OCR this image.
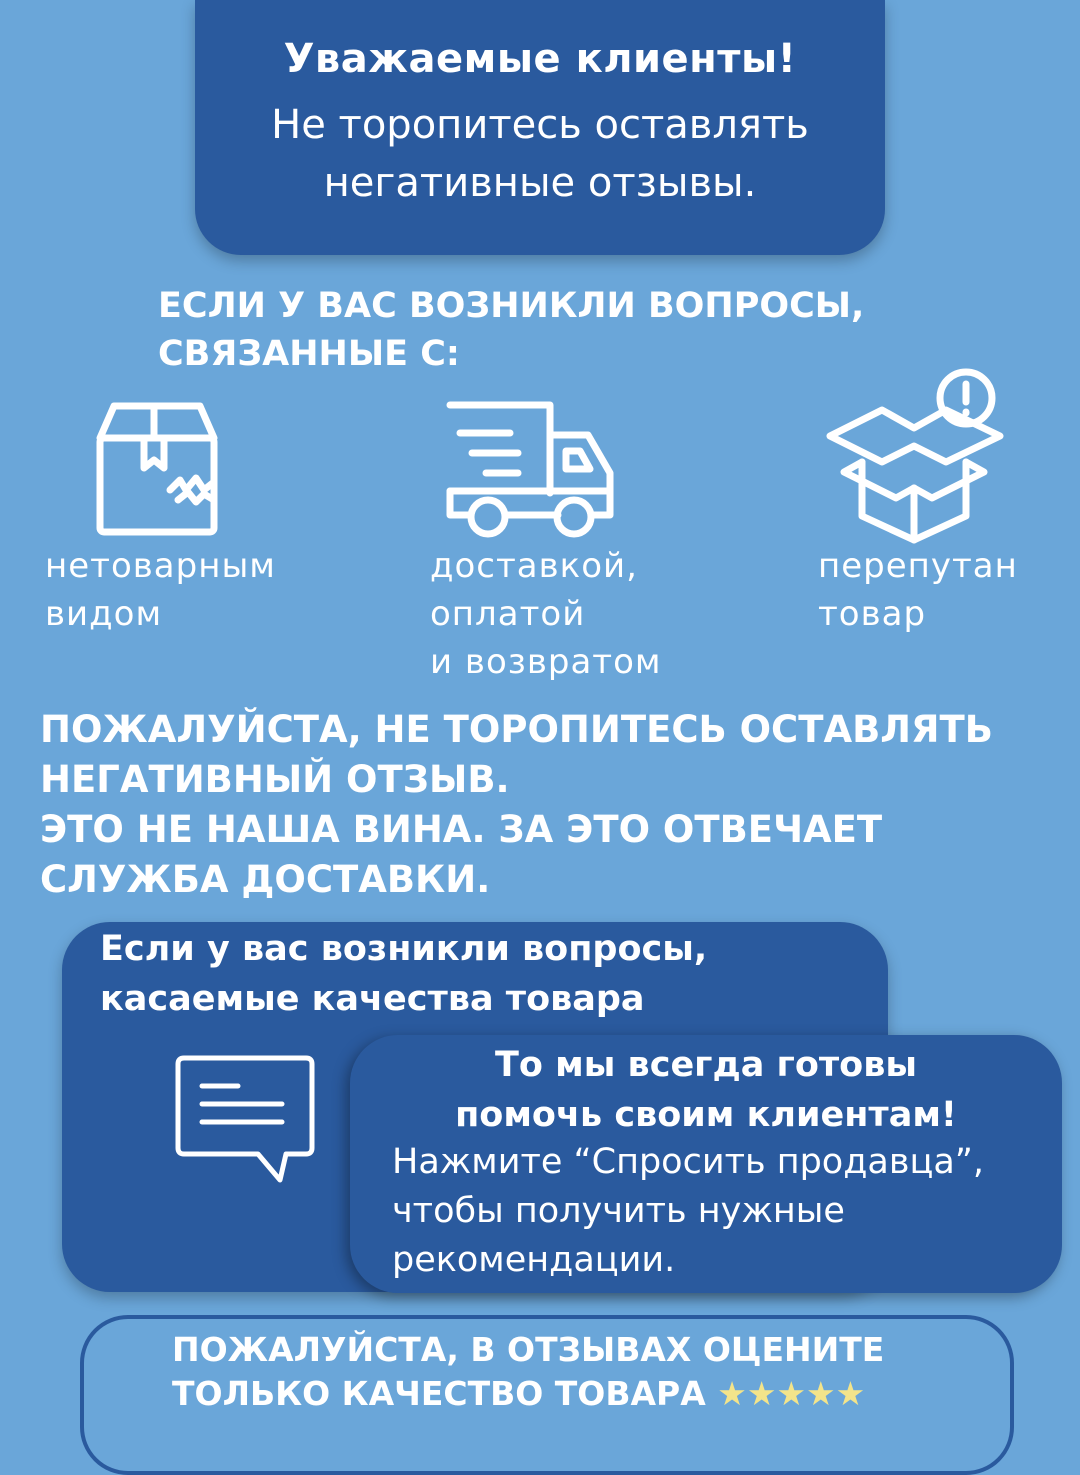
Уважаемые клиенты!
Не торопитесь оставлять
негативные отзывы.
ЕСЛИ У ВАС ВОЗНИКЛИ ВОПРОСЫ,
СВЯЗАННЫЕ С:
нетоварным
видом
доставкой,
оплатой
и возвратом
перепутан
товар
ПОЖАЛУЙСТА, НЕ ТОРОПИТЕСЬ ОСТАВЛЯТЬ
НЕГАТИВНЫЙ ОТЗЫВ.
ЭТО НЕ НАША ВИНА. ЗА ЭТО ОТВЕЧАЕТ
СЛУЖБА ДОСТАВКИ.
Если у вас возникли вопросы,
касаемые качества товара
То мы всегда готовы
помочь своим клиентам!
Нажмите “Спросить продавца”,
чтобы получить нужные
рекомендации.
ПОЖАЛУЙСТА, В ОТЗЫВАХ ОЦЕНИТЕ
ТОЛЬКО КАЧЕСТВО ТОВАРА ★★★★★
